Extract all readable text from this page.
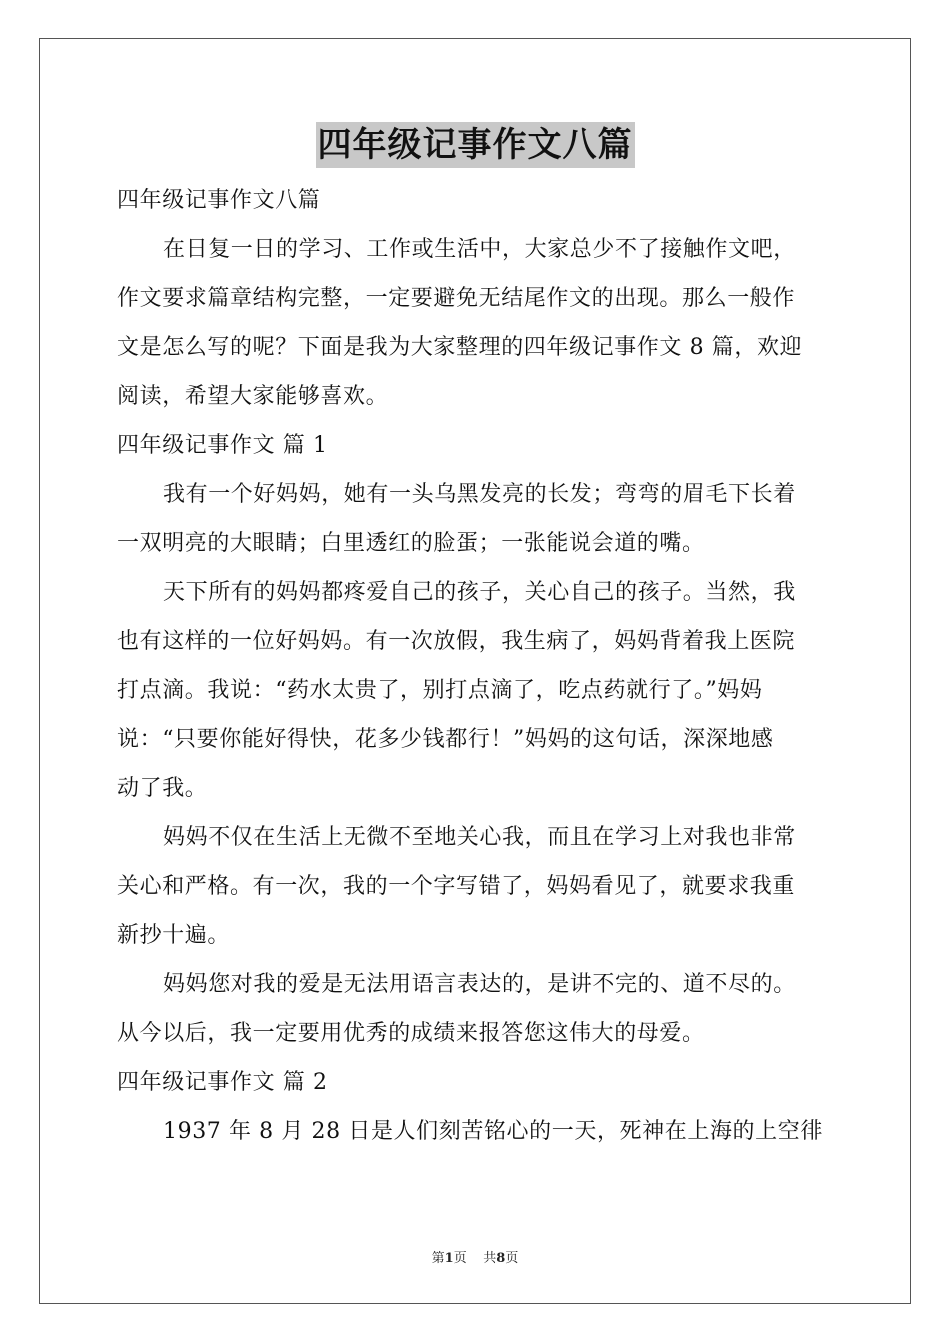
四年级记事作文八篇
四年级记事作文八篇
在日复一日的学习、工作或生活中，大家总少不了接触作文吧，
作文要求篇章结构完整，一定要避免无结尾作文的出现。那么一般作
文是怎么写的呢？下面是我为大家整理的四年级记事作文 8 篇，欢迎
阅读，希望大家能够喜欢。
四年级记事作文 篇 1
我有一个好妈妈，她有一头乌黑发亮的长发；弯弯的眉毛下长着
一双明亮的大眼睛；白里透红的脸蛋；一张能说会道的嘴。
天下所有的妈妈都疼爱自己的孩子，关心自己的孩子。当然，我
也有这样的一位好妈妈。有一次放假，我生病了，妈妈背着我上医院
打点滴。我说：“药水太贵了，别打点滴了，吃点药就行了。”妈妈
说：“只要你能好得快，花多少钱都行！”妈妈的这句话，深深地感
动了我。
妈妈不仅在生活上无微不至地关心我，而且在学习上对我也非常
关心和严格。有一次，我的一个字写错了，妈妈看见了，就要求我重
新抄十遍。
妈妈您对我的爱是无法用语言表达的，是讲不完的、道不尽的。
从今以后，我一定要用优秀的成绩来报答您这伟大的母爱。
四年级记事作文 篇 2
1937 年 8 月 28 日是人们刻苦铭心的一天，死神在上海的上空徘
第1页 共8页
